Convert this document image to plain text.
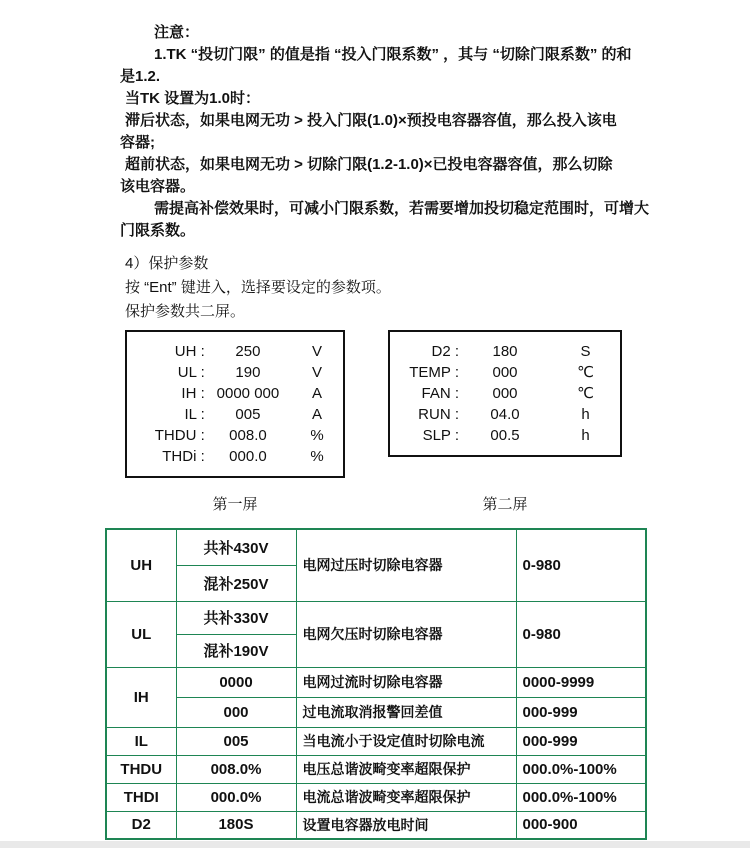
注意：
1.TK “投切门限” 的值是指 “投入门限系数” ，其与 “切除门限系数” 的和
是1.2.
当TK 设置为1.0时：
滞后状态，如果电网无功 > 投入门限(1.0)×预投电容器容值，那么投入该电
容器;
超前状态，如果电网无功 > 切除门限(1.2-1.0)×已投电容器容值，那么切除
该电容器。
需提高补偿效果时，可减小门限系数，若需要增加投切稳定范围时，可增大
门限系数。
4）保护参数
按 “Ent” 键进入，选择要设定的参数项。
保护参数共二屏。
UH :	250	V
UL :	190	V
IH : 0000 000	A
IL :	005	A
THDU :	008.0	%
THDi :	000.0	%
D2 :	180	S
TEMP :	000	℃
FAN :	000	℃
RUN :	04.0	h
SLP :	00.5	h
第一屏	第二屏
UH	共补430V	电网过压时切除电容器	0-980
	混补250V		
UL	共补330V	电网欠压时切除电容器	0-980
	混补190V		
IH	0000	电网过流时切除电容器	0000-9999
	000	过电流取消报警回差值	000-999
IL	005	当电流小于设定值时切除电流	000-999
THDU	008.0%	电压总谐波畸变率超限保护	000.0%-100%
THDI	000.0%	电流总谐波畸变率超限保护	000.0%-100%
D2	180S	设置电容器放电时间	000-900
